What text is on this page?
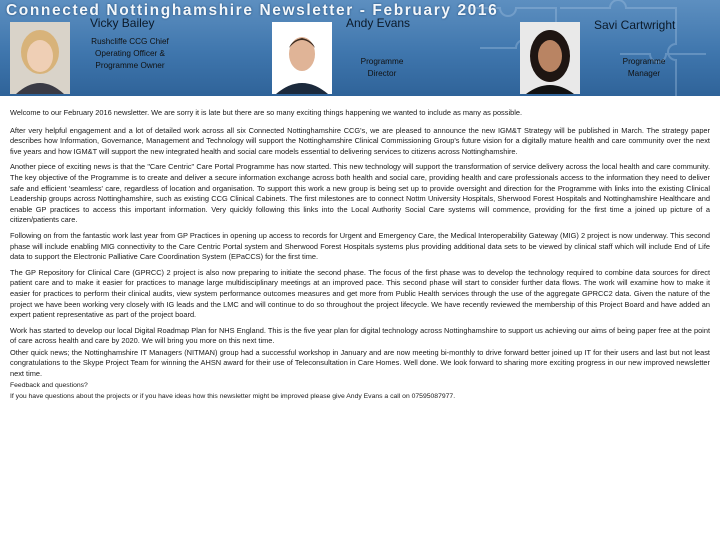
Connected Nottinghamshire Newsletter - February 2016
Vicky Bailey
Rushcliffe CCG Chief
Operating Officer &
Programme Owner
Andy Evans
Programme
Director
Savi Cartwright
Programme
Manager

Welcome to our February 2016 newsletter. We are sorry it is late but there are so many exciting things happening we wanted to include as many as possible.

After very helpful engagement and a lot of detailed work across all six Connected Nottinghamshire CCG's, we are pleased to announce the new IGM&T Strategy will be published in March. The strategy paper describes how Information, Governance, Management and Technology will support the Nottinghamshire Clinical Commissioning Group's future vision for a digitally mature health and care community over the next five years and how IGM&T will support the new integrated health and social care models essential to delivering services to citizens across Nottinghamshire.

Another piece of exciting news is that the "Care Centric" Care Portal Programme has now started. This new technology will support the transformation of service delivery across the local health and care community. The key objective of the Programme is to create and deliver a secure information exchange across both health and social care, providing health and care professionals access to the information they need to deliver safe and efficient 'seamless' care, regardless of location and organisation. To support this work a new group is being set up to provide oversight and direction for the Programme with links into the existing Clinical Leadership groups across Nottinghamshire, such as existing CCG Clinical Cabinets. The first milestones are to connect Nottm University Hospitals, Sherwood Forest Hospitals and Nottinghamshire Healthcare and enable GP practices to access this important information. Very quickly following this links into the Local Authority Social Care systems will commence, providing for the first time a joined up picture of a citizen/patients care.

Following on from the fantastic work last year from GP Practices in opening up access to records for Urgent and Emergency Care, the Medical Interoperability Gateway (MIG) 2 project is now underway. This second phase will include enabling MIG connectivity to the Care Centric Portal system and Sherwood Forest Hospitals systems plus providing additional data sets to be viewed by clinical staff which will include End of Life data to support the Electronic Palliative Care Coordination System (EPaCCS) for the first time.

The GP Repository for Clinical Care (GPRCC) 2 project is also now preparing to initiate the second phase. The focus of the first phase was to develop the technology required to combine data sources for direct patient care and to make it easier for practices to manage large multidisciplinary meetings at an improved pace. This second phase will start to consider further data flows. The work will examine how to make it easier for practices to perform their clinical audits, view system performance outcomes measures and get more from Public Health services through the use of the aggregate GPRCC2 data. Given the nature of the project we have been working very closely with IG leads and the LMC and will continue to do so throughout the project lifecycle. We have recently reviewed the membership of this Project Board and have added an expert patient representative as part of the project board.

Work has started to develop our local Digital Roadmap Plan for NHS England. This is the five year plan for digital technology across Nottinghamshire to support us achieving our aims of being paper free at the point of care across health and care by 2020. We will bring you more on this next time.

Other quick news; the Nottinghamshire IT Managers (NITMAN) group had a successful workshop in January and are now meeting bi-monthly to drive forward better joined up IT for their users and last but not least congratulations to the Skype Project Team for winning the AHSN award for their use of Teleconsultation in Care Homes. Well done. We look forward to sharing more exciting progress in our new improved newsletter next time.

Feedback and questions?

If you have questions about the projects or if you have ideas how this newsletter might be improved please give Andy Evans a call on 07595087977.
